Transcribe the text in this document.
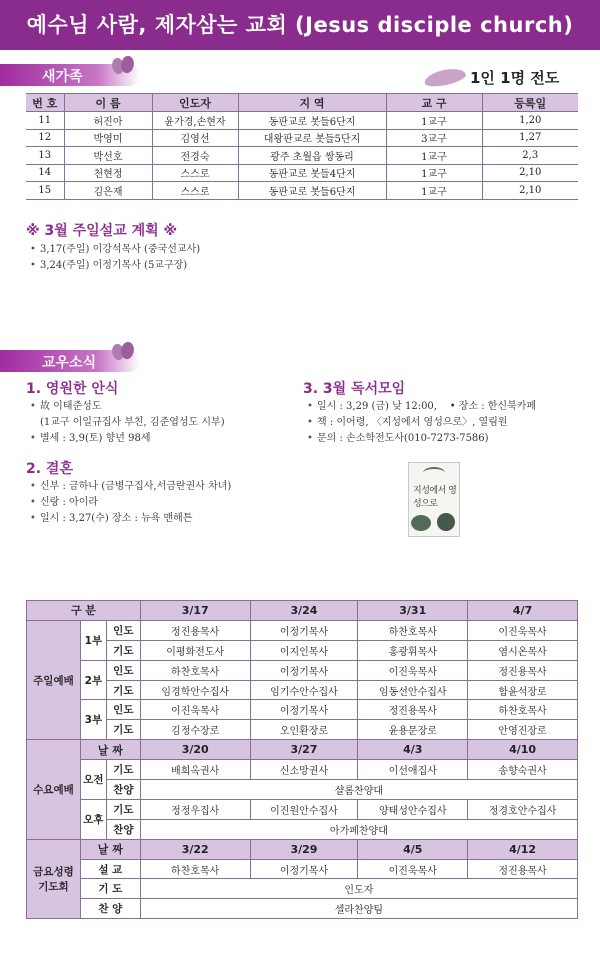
예수님 사람, 제자삼는 교회 (Jesus disciple church)
새가족	1인 1명 전도
번 호	이 름	인도자	지 역	교 구	등록일
11	허진아	윤가경,손현자	동판교로 봇들6단지	1교구	1,20
12	박영미	김영선	대왕판교로 봇들5단지	3교구	1,27
13	박선호	전경숙	광주 초월읍 쌍동리	1교구	2,3
14	천현정	스스로	동판교로 봇들4단지	1교구	2,10
15	김은재	스스로	동판교로 봇들6단지	1교구	2,10
※ 3월 주일설교 계획 ※
• 3,17(주일) 이강석목사 (중국선교사)
• 3,24(주일) 이정기목사 (5교구장)
교우소식
1. 영원한 안식
• 故 이태준성도
(1교구 이일규집사 부친, 김준엽성도 시부)
• 별세 : 3,9(토) 향년 98세
2. 결혼
• 신부 : 금하나 (금병구집사,서금란권사 차녀)
• 신랑 : 아이라
• 일시 : 3,27(수) 장소 : 뉴욕 맨해튼
3. 3월 독서모임
• 일시 : 3,29 (금) 낮 12:00, • 장소 : 한신북카페
• 책 : 이어령, 〈지성에서 영성으로〉, 열림원
• 문의 : 손소학전도사(010-7273-7586)
지성에서 영성으로
구 분			3/17	3/24	3/31	4/7
주일예배	1부	인도	정진용목사	이정기목사	하찬호목사	이진욱목사
		기도	이평화전도사	이지인목사	홍광휘목사	염시온목사
	2부	인도	하찬호목사	이정기목사	이진욱목사	정진용목사
		기도	임경학안수집사	임기수안수집사	임동선안수집사	함윤석장로
	3부	인도	이진욱목사	이정기목사	정진용목사	하찬호목사
		기도	김정수장로	오인환장로	윤용문장로	안영진장로
수요예배	날 짜		3/20	3/27	4/3	4/10
	오전	기도	배희옥권사	신소망권사	이선애집사	송향숙권사
		찬양	샬롬찬양대			
	오후	기도	정정우집사	이진원안수집사	양태성안수집사	정경호안수집사
		찬양	아가페찬양대			
금요성령기도회	날 짜		3/22	3/29	4/5	4/12
	설 교		하찬호목사	이정기목사	이진욱목사	정진용목사
	기 도		인도자			
	찬 양		셀라찬양팀			
